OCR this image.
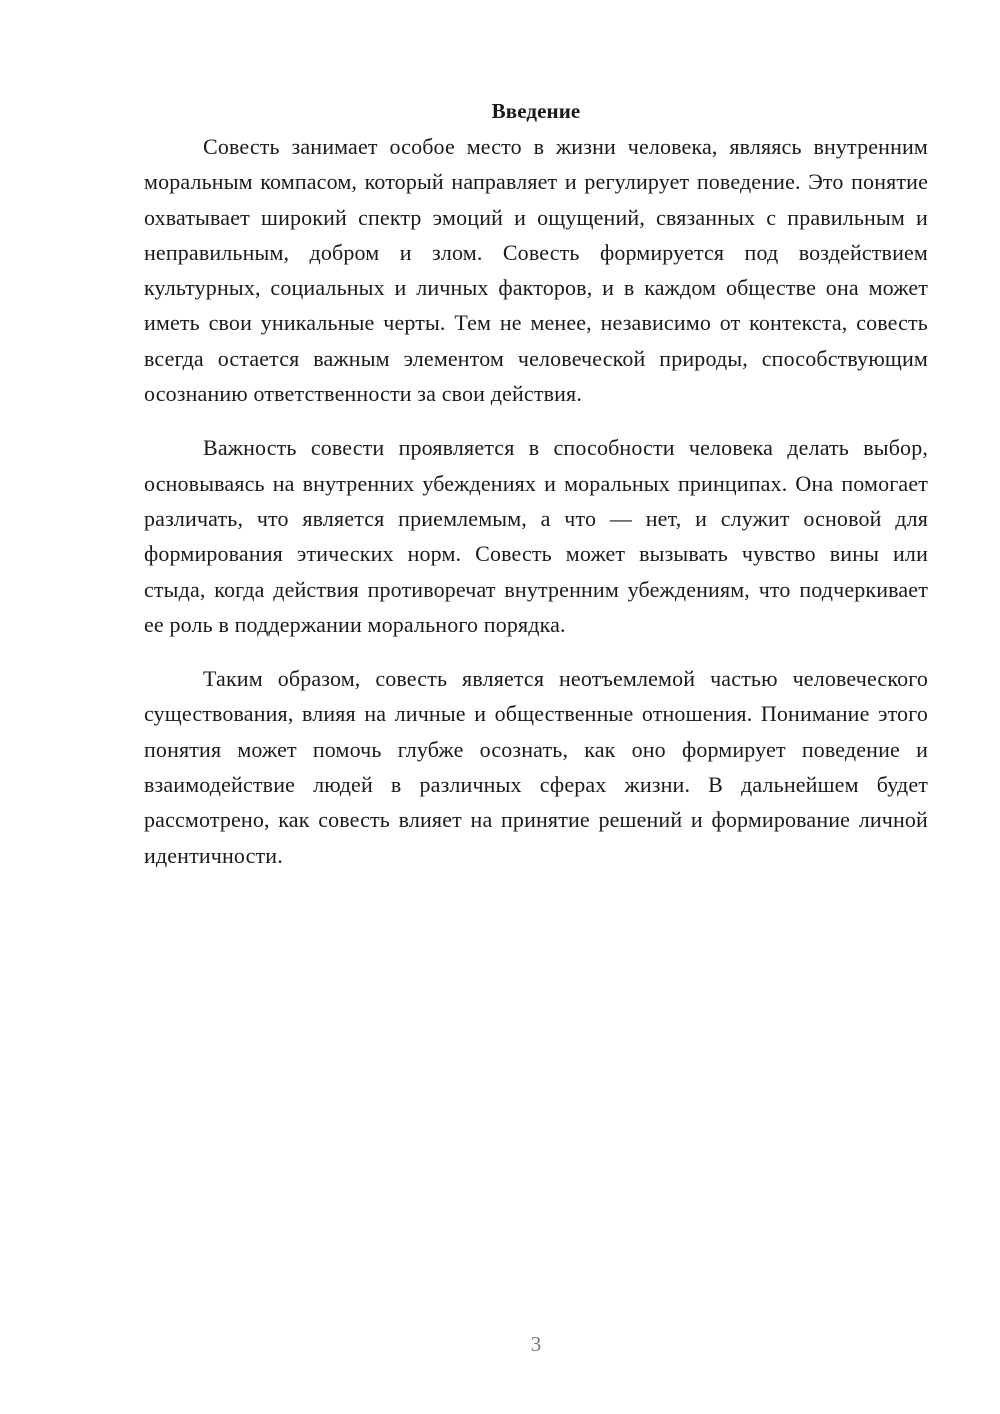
Введение

Совесть занимает особое место в жизни человека, являясь внутренним моральным компасом, который направляет и регулирует поведение. Это понятие охватывает широкий спектр эмоций и ощущений, связанных с правильным и неправильным, добром и злом. Совесть формируется под воздействием культурных, социальных и личных факторов, и в каждом обществе она может иметь свои уникальные черты. Тем не менее, независимо от контекста, совесть всегда остается важным элементом человеческой природы, способствующим осознанию ответственности за свои действия.

Важность совести проявляется в способности человека делать выбор, основываясь на внутренних убеждениях и моральных принципах. Она помогает различать, что является приемлемым, а что — нет, и служит основой для формирования этических норм. Совесть может вызывать чувство вины или стыда, когда действия противоречат внутренним убеждениям, что подчеркивает ее роль в поддержании морального порядка.

Таким образом, совесть является неотъемлемой частью человеческого существования, влияя на личные и общественные отношения. Понимание этого понятия может помочь глубже осознать, как оно формирует поведение и взаимодействие людей в различных сферах жизни. В дальнейшем будет рассмотрено, как совесть влияет на принятие решений и формирование личной идентичности.

3
